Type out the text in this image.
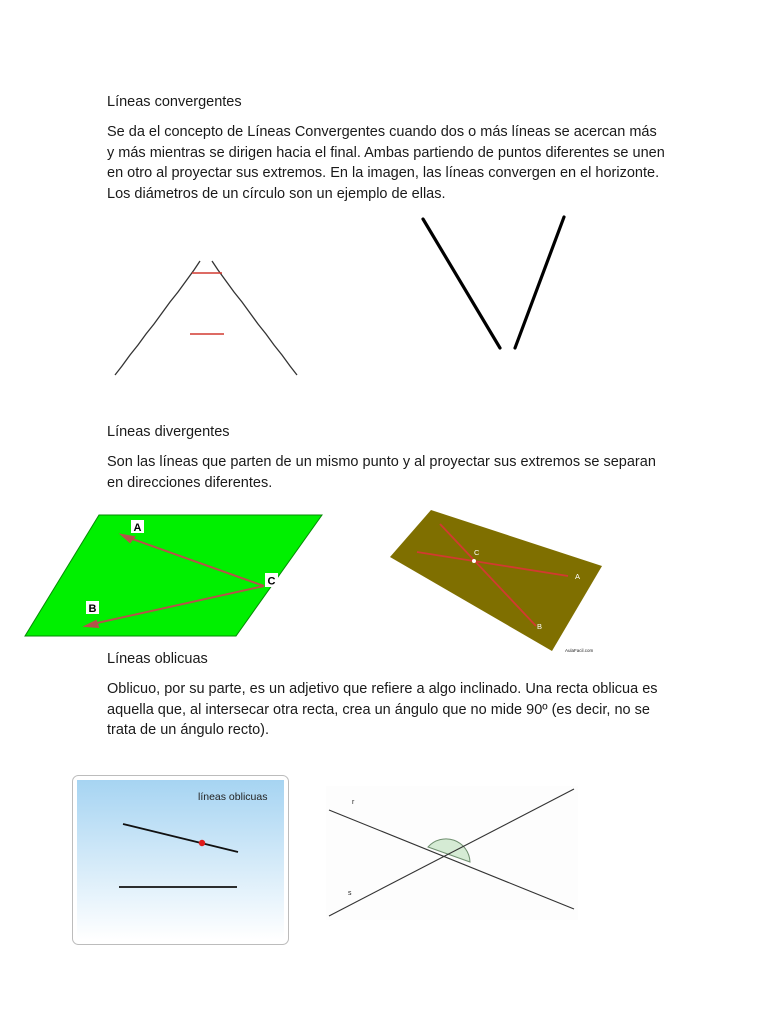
Líneas convergentes

Se da el concepto de Líneas Convergentes cuando dos o más líneas se acercan más y más mientras se dirigen hacia el final. Ambas partiendo de puntos diferentes se unen en otro al proyectar sus extremos. En la imagen, las líneas convergen en el horizonte. Los diámetros de un círculo son un ejemplo de ellas.

Líneas divergentes

Son las líneas que parten de un mismo punto y al proyectar sus extremos se separan en direcciones diferentes.

A
B
C
C
A
B
AulaFacil.com
Líneas oblicuas

Oblicuo, por su parte, es un adjetivo que refiere a algo inclinado. Una recta oblicua es aquella que, al intersecar otra recta, crea un ángulo que no mide 90º (es decir, no se trata de un ángulo recto).

líneas oblicuas	r
s
